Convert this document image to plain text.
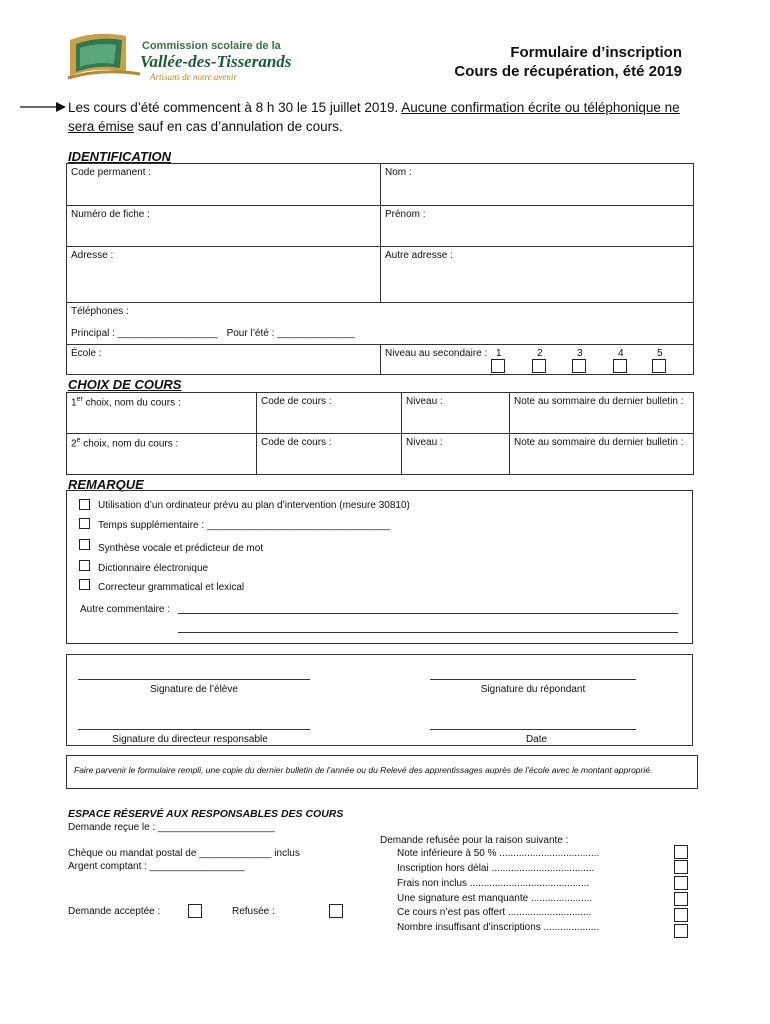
Commission scolaire de la
Vallée-des-Tisserands
Artisans de notre avenir
Formulaire d’inscription
Cours de récupération, été 2019
Les cours d’été commencent à 8 h 30 le 15 juillet 2019. Aucune confirmation écrite ou téléphonique ne sera émise sauf en cas d’annulation de cours.
IDENTIFICATION
Code permanent :	Nom :
Numéro de fiche :	Prénom :
Adresse :	Autre adresse :

Téléphones :
Principal : __________________ Pour l’été : ______________	

École :	Niveau au secondaire : 1	2	3	4	5
CHOIX DE COURS
1er choix, nom du cours :	Code de cours :	Niveau :	Note au sommaire du dernier bulletin :
2e choix, nom du cours :	Code de cours :	Niveau :	Note au sommaire du dernier bulletin :
REMARQUE
Utilisation d’un ordinateur prévu au plan d’intervention (mesure 30810)
Temps supplémentaire : _________________________________
Synthèse vocale et prédicteur de mot
Dictionnaire électronique
Correcteur grammatical et lexical
Autre commentaire :
Signature de l’élève	Signature du répondant
Signature du directeur responsable	Date
Faire parvenir le formulaire rempli, une copie du dernier bulletin de l’année ou du Relevé des apprentissages auprès de l’école avec le montant approprié.
ESPACE RÉSERVÉ AUX RESPONSABLES DES COURS
Demande reçue le : _____________________
Chèque ou mandat postal de _____________ inclus
Argent comptant : _________________
Demande acceptée :	Refusée :
Demande refusée pour la raison suivante :
Note inférieure à 50 % ....................................
Inscription hors délai .....................................
Frais non inclus ...........................................
Une signature est manquante ......................
Ce cours n’est pas offert ..............................
Nombre insuffisant d’inscriptions ....................
